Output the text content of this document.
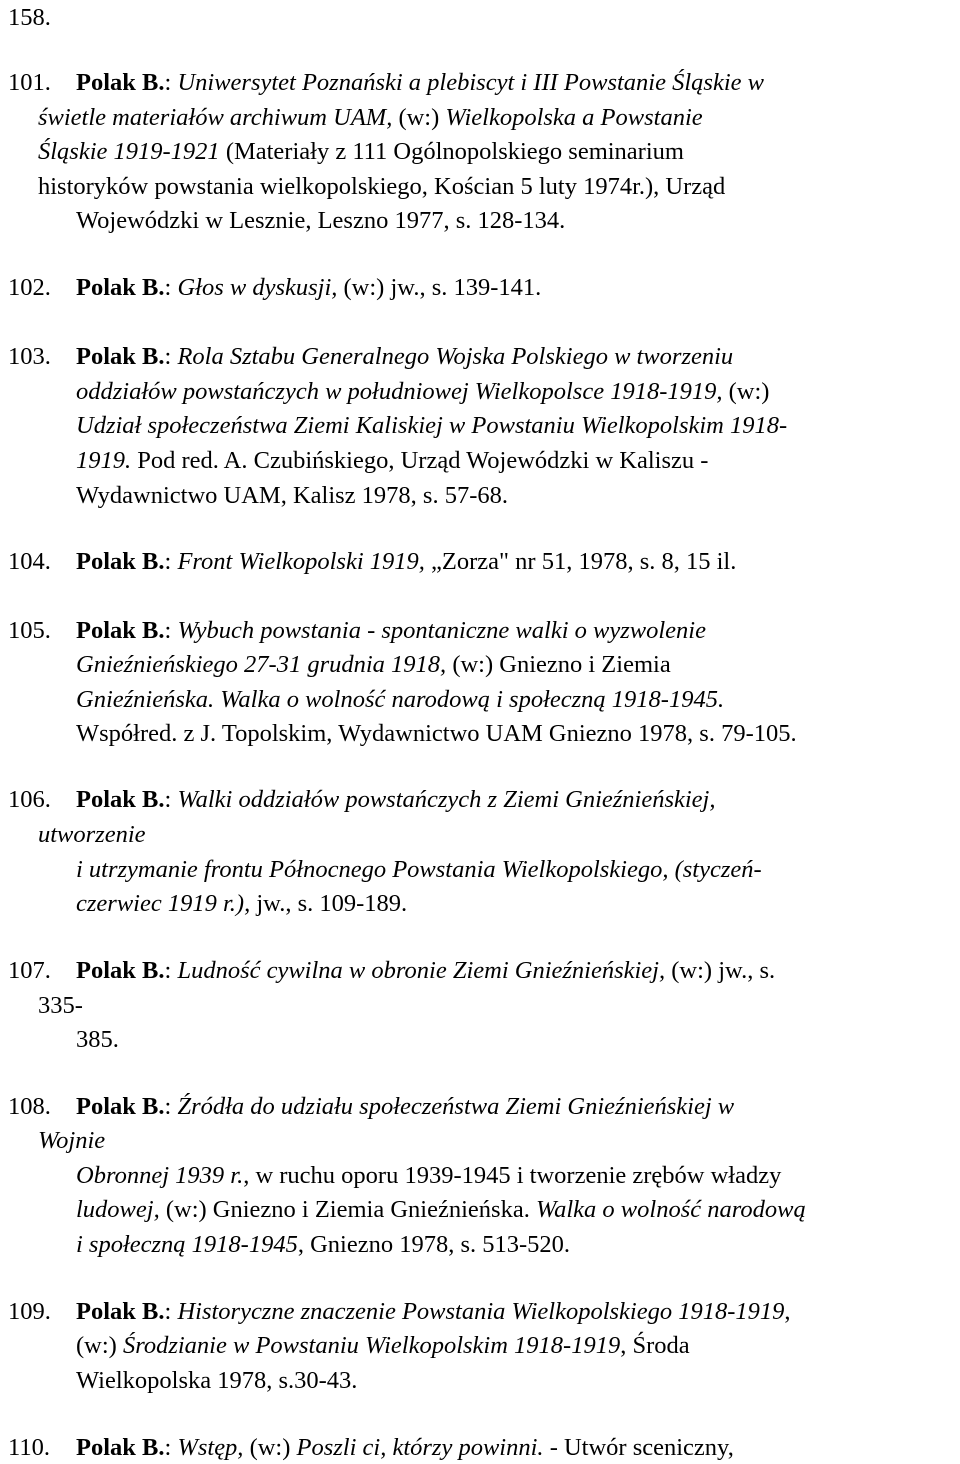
158.
101. Polak B.: Uniwersytet Poznański a plebiscyt i III Powstanie Śląskie w
świetle materiałów archiwum UAM, (w:) Wielkopolska a Powstanie
Śląskie 1919-1921 (Materiały z 111 Ogólnopolskiego seminarium
historyków powstania wielkopolskiego, Kościan 5 luty 1974r.), Urząd
Wojewódzki w Lesznie, Leszno 1977, s. 128-134.
102. Polak B.: Głos w dyskusji, (w:) jw., s. 139-141.
103. Polak B.: Rola Sztabu Generalnego Wojska Polskiego w tworzeniu
oddziałów powstańczych w południowej Wielkopolsce 1918-1919, (w:)
Udział społeczeństwa Ziemi Kaliskiej w Powstaniu Wielkopolskim 1918-
1919. Pod red. A. Czubińskiego, Urząd Wojewódzki w Kaliszu -
Wydawnictwo UAM, Kalisz 1978, s. 57-68.
104. Polak B.: Front Wielkopolski 1919, „Zorza" nr 51, 1978, s. 8, 15 il.
105. Polak B.: Wybuch powstania - spontaniczne walki o wyzwolenie
Gnieźnieńskiego 27-31 grudnia 1918, (w:) Gniezno i Ziemia
Gnieźnieńska. Walka o wolność narodową i społeczną 1918-1945.
Współred. z J. Topolskim, Wydawnictwo UAM Gniezno 1978, s. 79-105.
106. Polak B.: Walki oddziałów powstańczych z Ziemi Gnieźnieńskiej,
utworzenie
i utrzymanie frontu Północnego Powstania Wielkopolskiego, (styczeń-
czerwiec 1919 r.), jw., s. 109-189.
107. Polak B.: Ludność cywilna w obronie Ziemi Gnieźnieńskiej, (w:) jw., s.
335-
385.
108. Polak B.: Źródła do udziału społeczeństwa Ziemi Gnieźnieńskiej w
Wojnie
Obronnej 1939 r., w ruchu oporu 1939-1945 i tworzenie zrębów władzy
ludowej, (w:) Gniezno i Ziemia Gnieźnieńska. Walka o wolność narodową
i społeczną 1918-1945, Gniezno 1978, s. 513-520.
109. Polak B.: Historyczne znaczenie Powstania Wielkopolskiego 1918-1919,
(w:) Środzianie w Powstaniu Wielkopolskim 1918-1919, Środa
Wielkopolska 1978, s.30-43.
110. Polak B.: Wstęp, (w:) Poszli ci, którzy powinni. - Utwór sceniczny,
